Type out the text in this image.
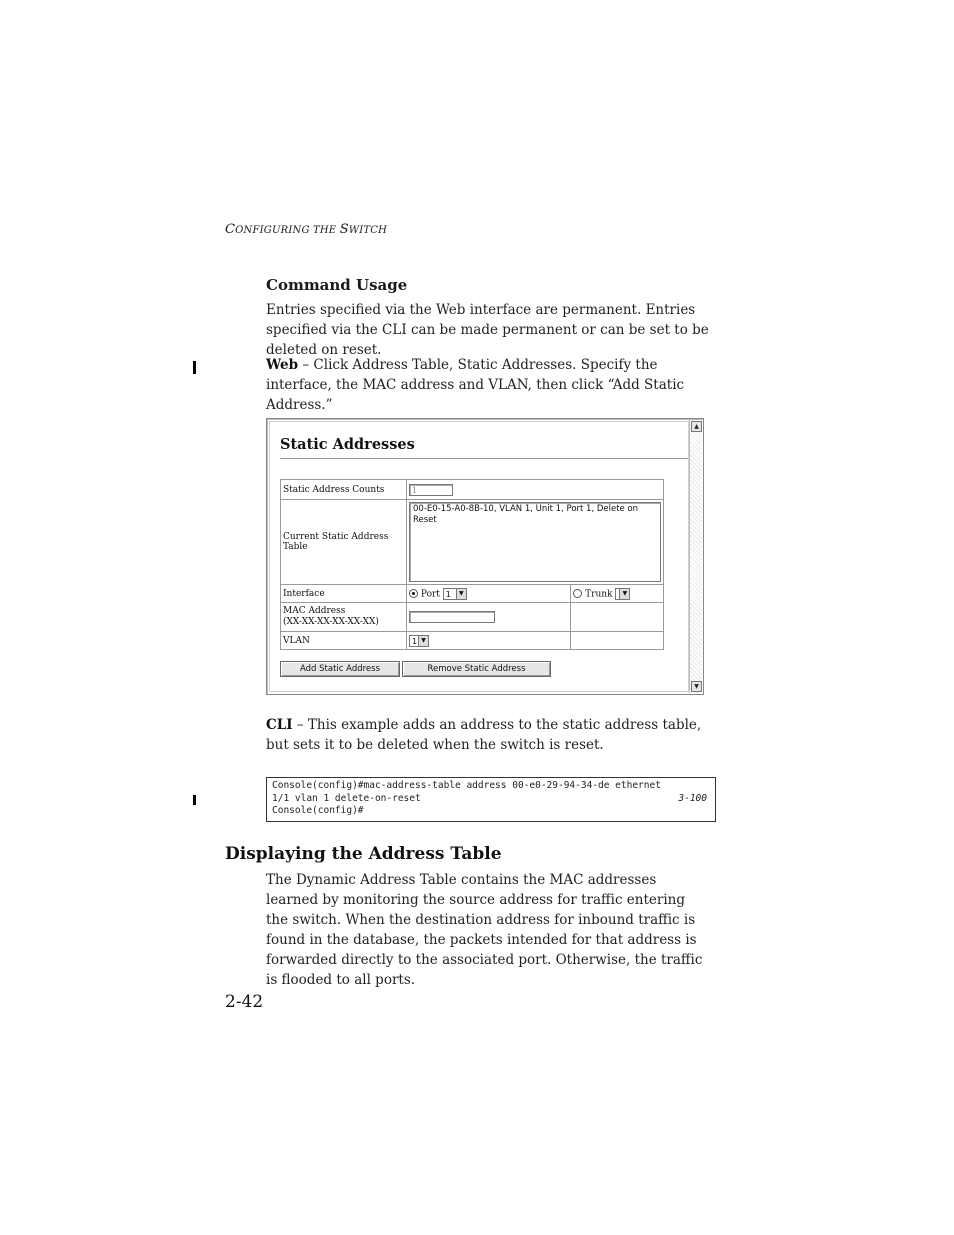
CONFIGURING THE SWITCH
Command Usage
Entries specified via the Web interface are permanent. Entries specified via the CLI can be made permanent or can be set to be deleted on reset.
Web – Click Address Table, Static Addresses. Specify the interface, the MAC address and VLAN, then click “Add Static Address.”
Static Addresses
Static Address Counts	1	
Current Static Address Table	00-E0-15-A0-8B-10, VLAN 1, Unit 1, Port 1, Delete on Reset	

Interface	Port 1 ▼	Trunk ▼

MAC Address
(XX-XX-XX-XX-XX-XX)		

VLAN	1 ▼	

Add Static Address	Remove Static Address
▲
▼
CLI – This example adds an address to the static address table, but sets it to be deleted when the switch is reset.
Console(config)#mac-address-table address 00-e0-29-94-34-de ethernet
1/1 vlan 1 delete-on-reset	3-100
Console(config)#
Displaying the Address Table
The Dynamic Address Table contains the MAC addresses learned by monitoring the source address for traffic entering the switch. When the destination address for inbound traffic is found in the database, the packets intended for that address is forwarded directly to the associated port. Otherwise, the traffic is flooded to all ports.
2-42
